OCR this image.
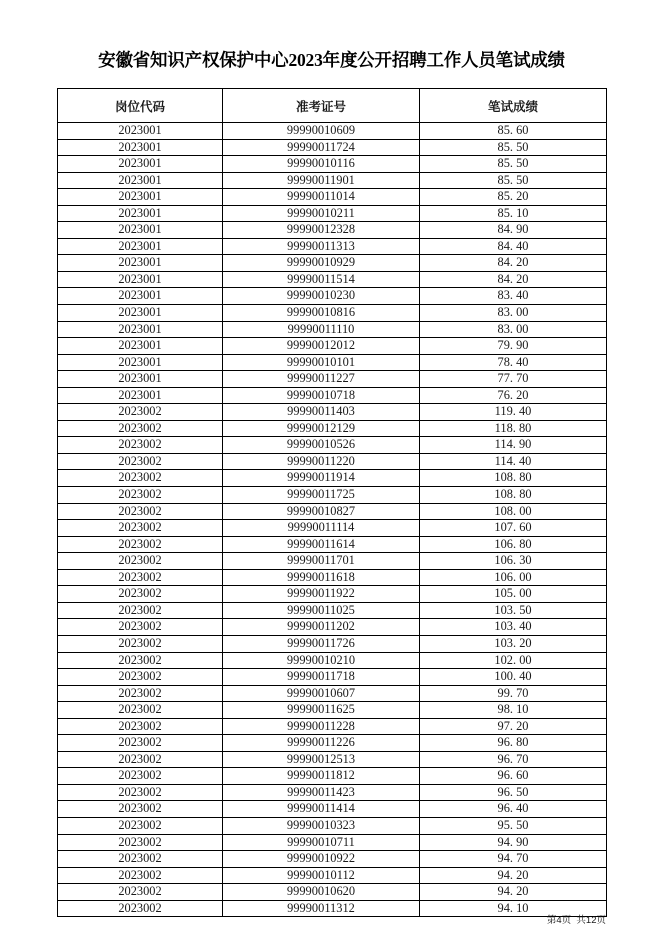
安徽省知识产权保护中心2023年度公开招聘工作人员笔试成绩
岗位代码	准考证号	笔试成绩
2023001	99990010609	85. 60
2023001	99990011724	85. 50
2023001	99990010116	85. 50
2023001	99990011901	85. 50
2023001	99990011014	85. 20
2023001	99990010211	85. 10
2023001	99990012328	84. 90
2023001	99990011313	84. 40
2023001	99990010929	84. 20
2023001	99990011514	84. 20
2023001	99990010230	83. 40
2023001	99990010816	83. 00
2023001	99990011110	83. 00
2023001	99990012012	79. 90
2023001	99990010101	78. 40
2023001	99990011227	77. 70
2023001	99990010718	76. 20
2023002	99990011403	119. 40
2023002	99990012129	118. 80
2023002	99990010526	114. 90
2023002	99990011220	114. 40
2023002	99990011914	108. 80
2023002	99990011725	108. 80
2023002	99990010827	108. 00
2023002	99990011114	107. 60
2023002	99990011614	106. 80
2023002	99990011701	106. 30
2023002	99990011618	106. 00
2023002	99990011922	105. 00
2023002	99990011025	103. 50
2023002	99990011202	103. 40
2023002	99990011726	103. 20
2023002	99990010210	102. 00
2023002	99990011718	100. 40
2023002	99990010607	99. 70
2023002	99990011625	98. 10
2023002	99990011228	97. 20
2023002	99990011226	96. 80
2023002	99990012513	96. 70
2023002	99990011812	96. 60
2023002	99990011423	96. 50
2023002	99990011414	96. 40
2023002	99990010323	95. 50
2023002	99990010711	94. 90
2023002	99990010922	94. 70
2023002	99990010112	94. 20
2023002	99990010620	94. 20
2023002	99990011312	94. 10
第4页  共12页
